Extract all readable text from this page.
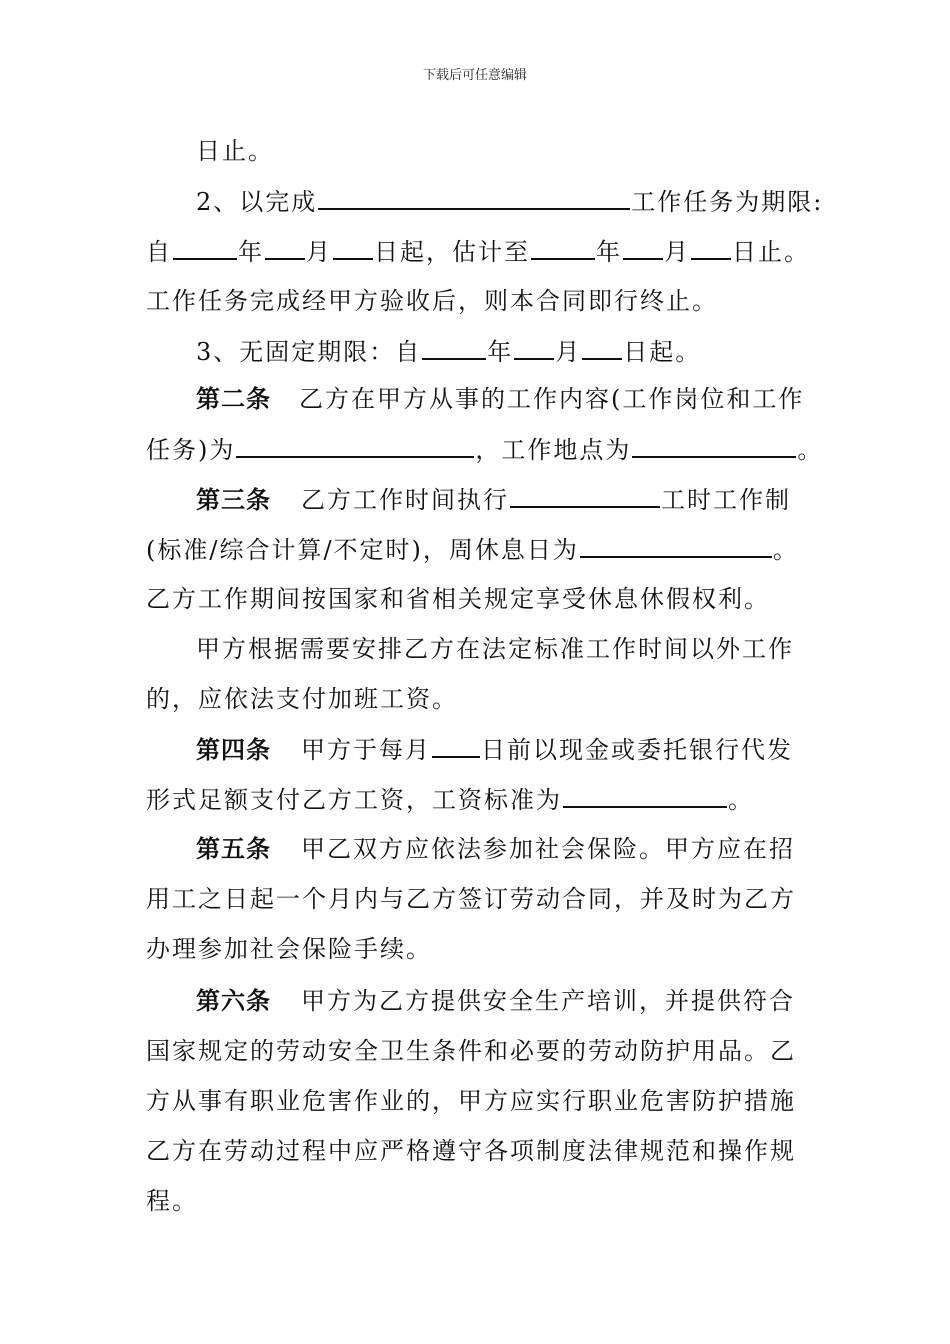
下载后可任意编辑
日止。
2、以完成	工作任务为期限:
自	年 月 日起，估计至	年 月 日止。
工作任务完成经甲方验收后，则本合同即行终止。
3、无固定期限：自	年 月 日起。
第二条 乙方在甲方从事的工作内容(工作岗位和工作
任务)为	，工作地点为	。
第三条 乙方工作时间执行	工时工作制
(标准/综合计算/不定时)，周休息日为	。
乙方工作期间按国家和省相关规定享受休息休假权利。
甲方根据需要安排乙方在法定标准工作时间以外工作
的，应依法支付加班工资。
第四条 甲方于每月 日前以现金或委托银行代发
形式足额支付乙方工资，工资标准为	。
第五条 甲乙双方应依法参加社会保险。甲方应在招
用工之日起一个月内与乙方签订劳动合同，并及时为乙方
办理参加社会保险手续。
第六条 甲方为乙方提供安全生产培训，并提供符合
国家规定的劳动安全卫生条件和必要的劳动防护用品。乙
方从事有职业危害作业的，甲方应实行职业危害防护措施
乙方在劳动过程中应严格遵守各项制度法律规范和操作规
程。
